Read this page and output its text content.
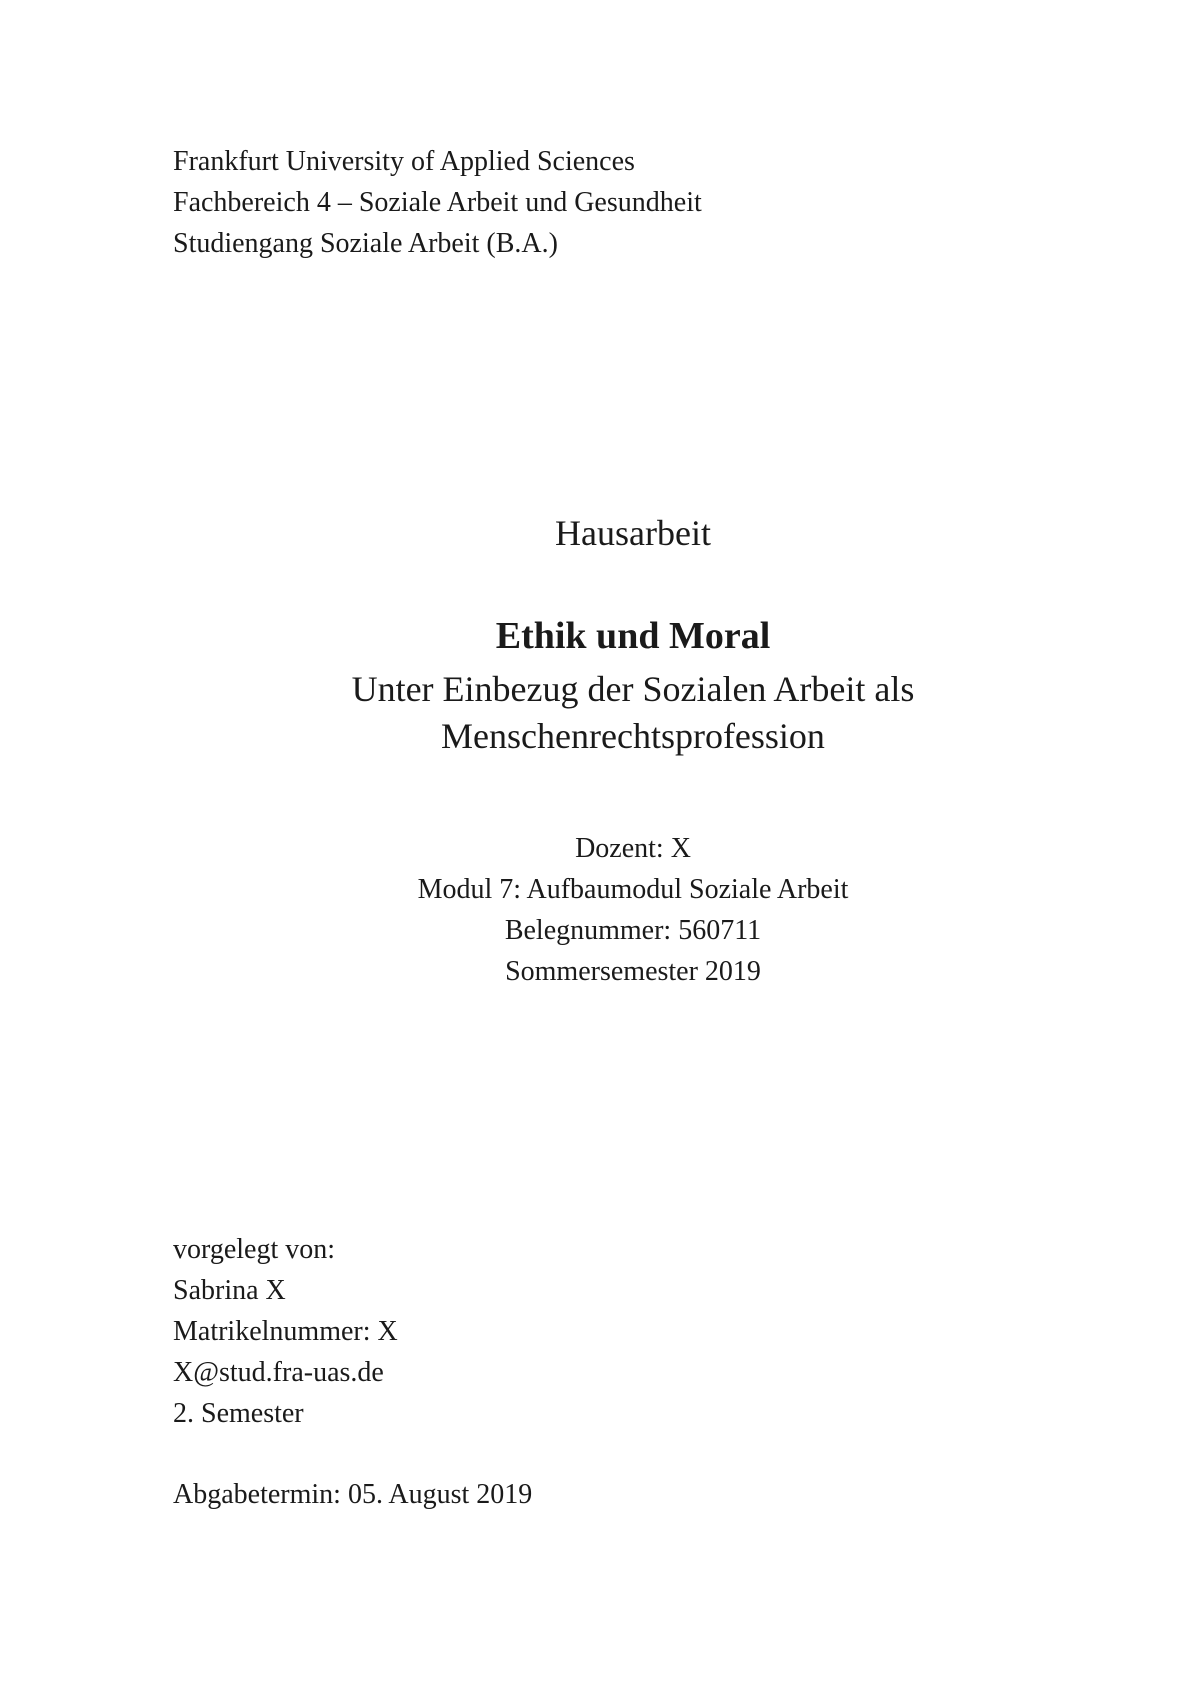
Frankfurt University of Applied Sciences
Fachbereich 4 – Soziale Arbeit und Gesundheit
Studiengang Soziale Arbeit (B.A.)
Hausarbeit
Ethik und Moral
Unter Einbezug der Sozialen Arbeit als
Menschenrechtsprofession
Dozent: X
Modul 7: Aufbaumodul Soziale Arbeit
Belegnummer: 560711
Sommersemester 2019
vorgelegt von:
Sabrina X
Matrikelnummer: X
X@stud.fra-uas.de
2. Semester
Abgabetermin: 05. August 2019
